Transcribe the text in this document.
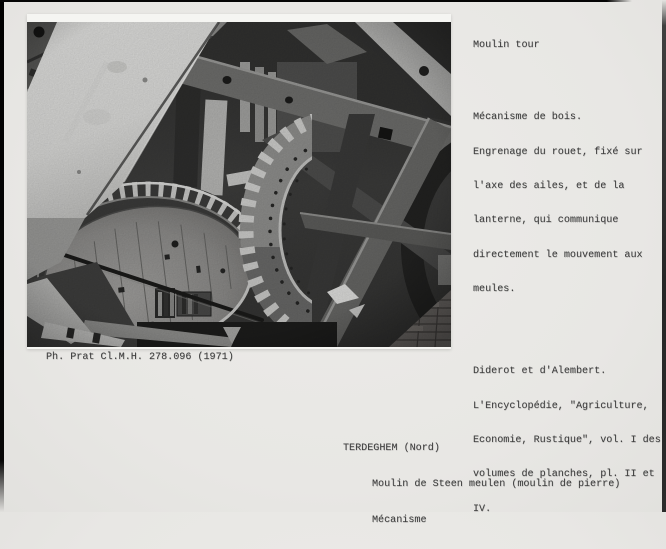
Moulin tour

Mécanisme de bois.

Engrenage du rouet, fixé sur

l'axe des ailes, et de la

lanterne, qui communique

directement le mouvement aux

meules.

Diderot et d'Alembert.

L'Encyclopédie, "Agriculture,

Economie, Rustique", vol. I des

volumes de planches, pl. II et

IV.

Ph. Prat Cl.M.H. 278.096 (1971)

TERDEGHEM (Nord)

Moulin de Steen meulen (moulin de pierre)

Mécanisme
